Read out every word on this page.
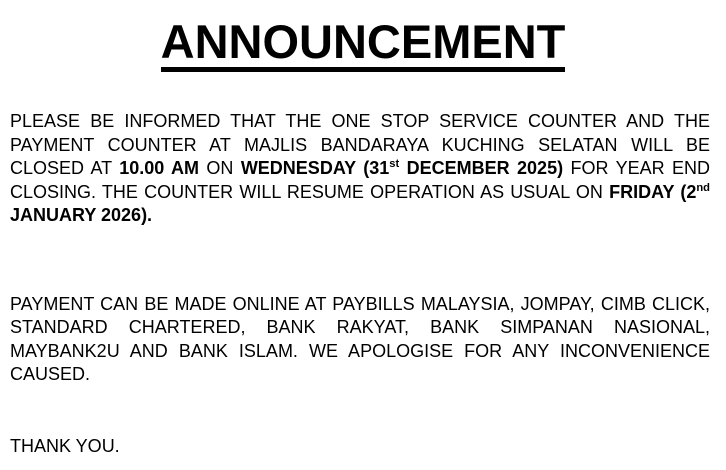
ANNOUNCEMENT

PLEASE BE INFORMED THAT THE ONE STOP SERVICE COUNTER AND THE PAYMENT COUNTER AT MAJLIS BANDARAYA KUCHING SELATAN WILL BE CLOSED AT 10.00 AM ON WEDNESDAY (31st DECEMBER 2025) FOR YEAR END CLOSING. THE COUNTER WILL RESUME OPERATION AS USUAL ON FRIDAY (2nd JANUARY 2026).

PAYMENT CAN BE MADE ONLINE AT PAYBILLS MALAYSIA, JOMPAY, CIMB CLICK, STANDARD CHARTERED, BANK RAKYAT, BANK SIMPANAN NASIONAL, MAYBANK2U AND BANK ISLAM. WE APOLOGISE FOR ANY INCONVENIENCE CAUSED.

THANK YOU.
